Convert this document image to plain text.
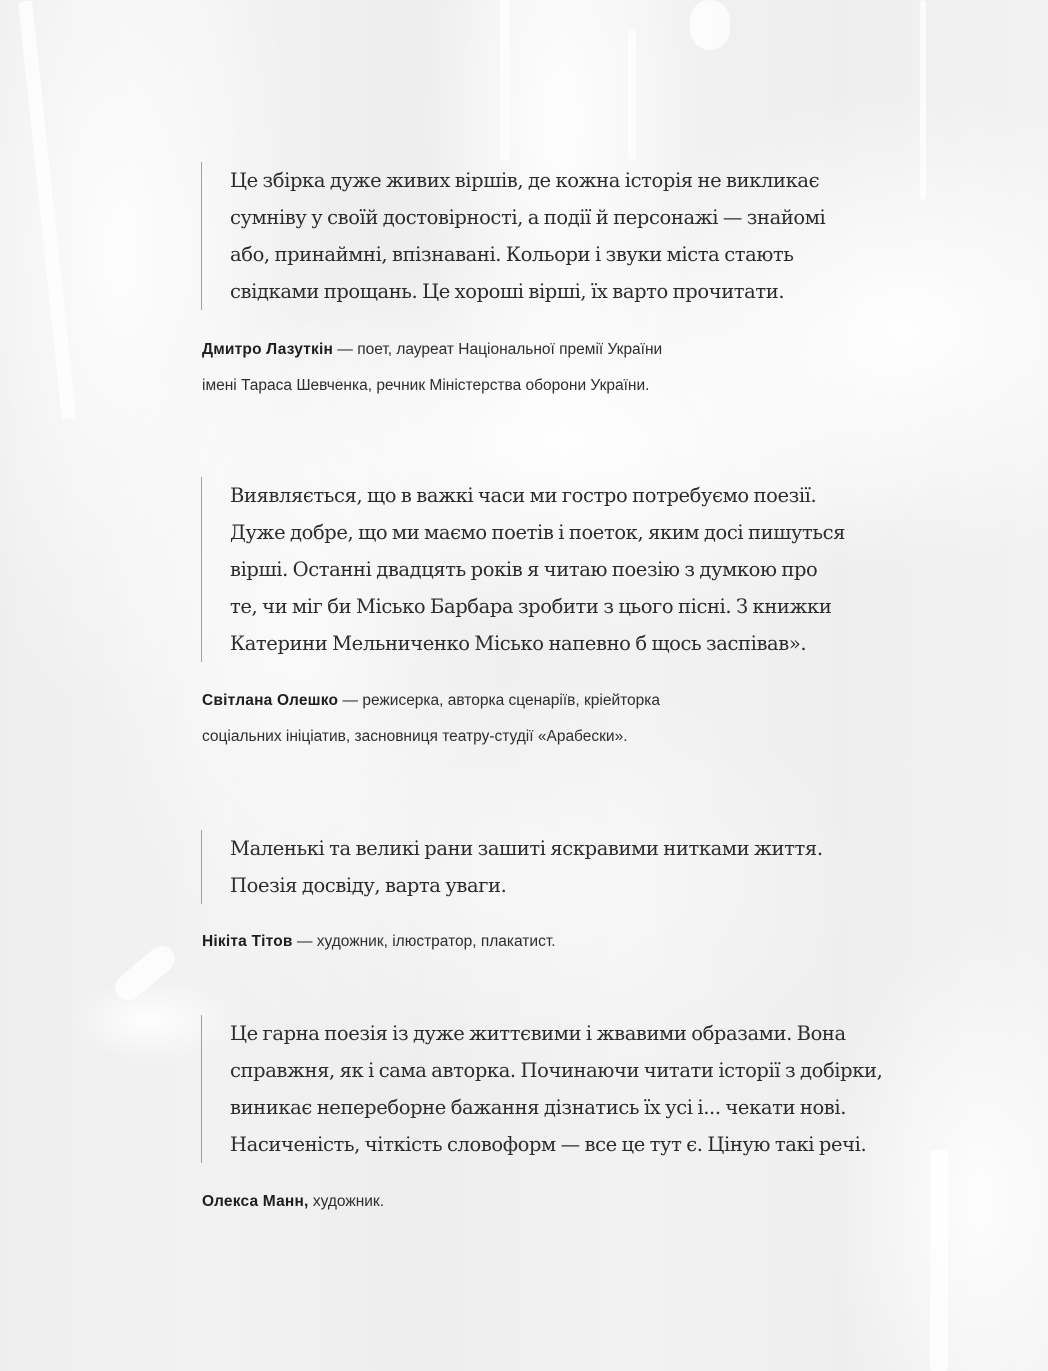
Це збірка дуже живих віршів, де кожна історія не викликає
сумніву у своїй достовірності, а події й персонажі — знайомі
або, принаймні, впізнавані. Кольори і звуки міста стають
свідками прощань. Це хороші вірші, їх варто прочитати.
Дмитро Лазуткін — поет, лауреат Національної премії України
імені Тараса Шевченка, речник Міністерства оборони України.
Виявляється, що в важкі часи ми гостро потребуємо поезії.
Дуже добре, що ми маємо поетів і поеток, яким досі пишуться
вірші. Останні двадцять років я читаю поезію з думкою про
те, чи міг би Місько Барбара зробити з цього пісні. З книжки
Катерини Мельниченко Місько напевно б щось заспівав».
Світлана Олешко — режисерка, авторка сценаріїв, кріейторка
соціальних ініціатив, засновниця театру-студії «Арабески».
Маленькі та великі рани зашиті яскравими нитками життя.
Поезія досвіду, варта уваги.
Нікіта Тітов — художник, ілюстратор, плакатист.
Це гарна поезія із дуже життєвими і жвавими образами. Вона
справжня, як і сама авторка. Починаючи читати історії з добірки,
виникає непереборне бажання дізнатись їх усі і... чекати нові.
Насиченість, чіткість словоформ — все це тут є. Ціную такі речі.
Олекса Манн, художник.
